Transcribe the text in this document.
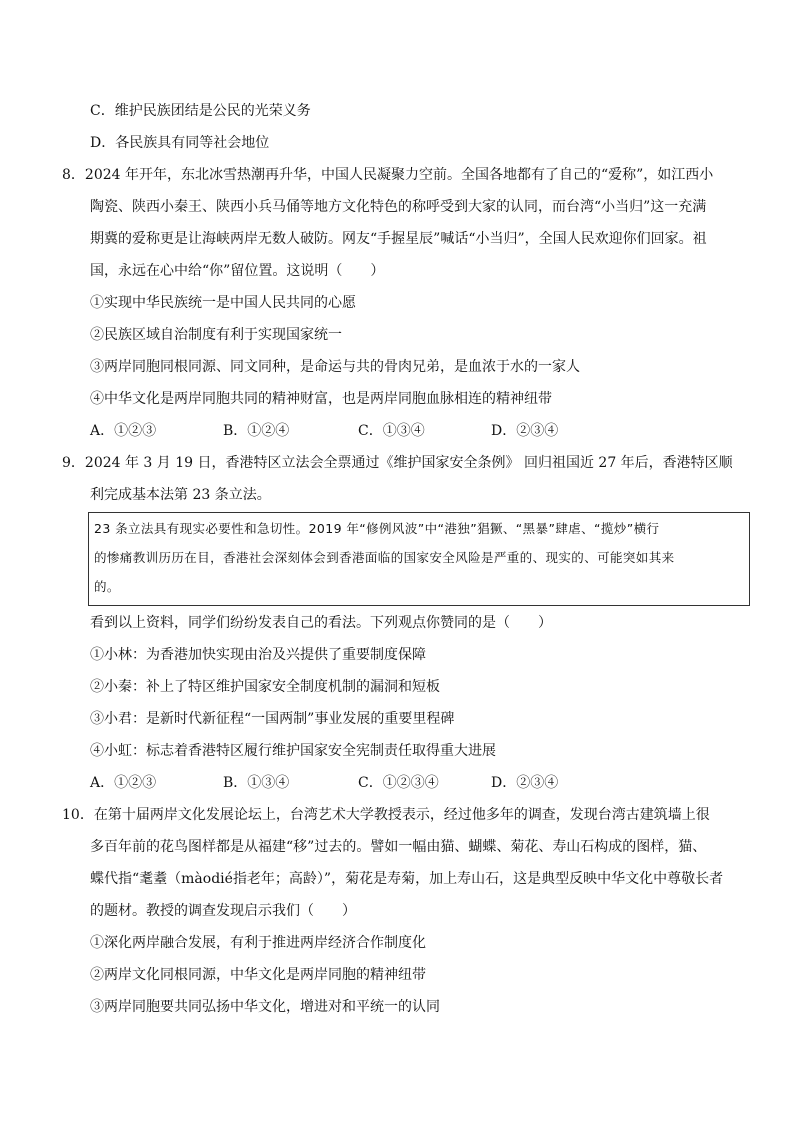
C．维护民族团结是公民的光荣义务
D．各民族具有同等社会地位
8．2024 年开年，东北冰雪热潮再升华，中国人民凝聚力空前。全国各地都有了自己的“爱称”，如江西小
陶瓷、陕西小秦王、陕西小兵马俑等地方文化特色的称呼受到大家的认同，而台湾“小当归”这一充满
期冀的爱称更是让海峡两岸无数人破防。网友“手握星辰”喊话“小当归”，全国人民欢迎你们回家。祖
国，永远在心中给“你”留位置。这说明（　　）
①实现中华民族统一是中国人民共同的心愿
②民族区域自治制度有利于实现国家统一
③两岸同胞同根同源、同文同种，是命运与共的骨肉兄弟，是血浓于水的一家人
④中华文化是两岸同胞共同的精神财富，也是两岸同胞血脉相连的精神纽带
A．①②③	B．①②④	C．①③④	D．②③④
9．2024 年 3 月 19 日，香港特区立法会全票通过《维护国家安全条例》 回归祖国近 27 年后，香港特区顺
利完成基本法第 23 条立法。
23 条立法具有现实必要性和急切性。2019 年“修例风波”中“港独”猖獗、“黑暴”肆虐、“揽炒”横行
的惨痛教训历历在目，香港社会深刻体会到香港面临的国家安全风险是严重的、现实的、可能突如其来
的。
看到以上资料，同学们纷纷发表自己的看法。下列观点你赞同的是（　　）
①小林：为香港加快实现由治及兴提供了重要制度保障
②小秦：补上了特区维护国家安全制度机制的漏洞和短板
③小君：是新时代新征程“一国两制”事业发展的重要里程碑
④小虹：标志着香港特区履行维护国家安全宪制责任取得重大进展
A．①②③	B．①③④	C．①②③④	D．②③④
10．在第十届两岸文化发展论坛上，台湾艺术大学教授表示，经过他多年的调查，发现台湾古建筑墙上很
多百年前的花鸟图样都是从福建“移”过去的。譬如一幅由猫、蝴蝶、菊花、寿山石构成的图样，猫、
蝶代指“耄耋（màodié指老年；高龄）”，菊花是寿菊，加上寿山石，这是典型反映中华文化中尊敬长者
的题材。教授的调查发现启示我们（　　）
①深化两岸融合发展，有利于推进两岸经济合作制度化
②两岸文化同根同源，中华文化是两岸同胞的精神纽带
③两岸同胞要共同弘扬中华文化，增进对和平统一的认同
